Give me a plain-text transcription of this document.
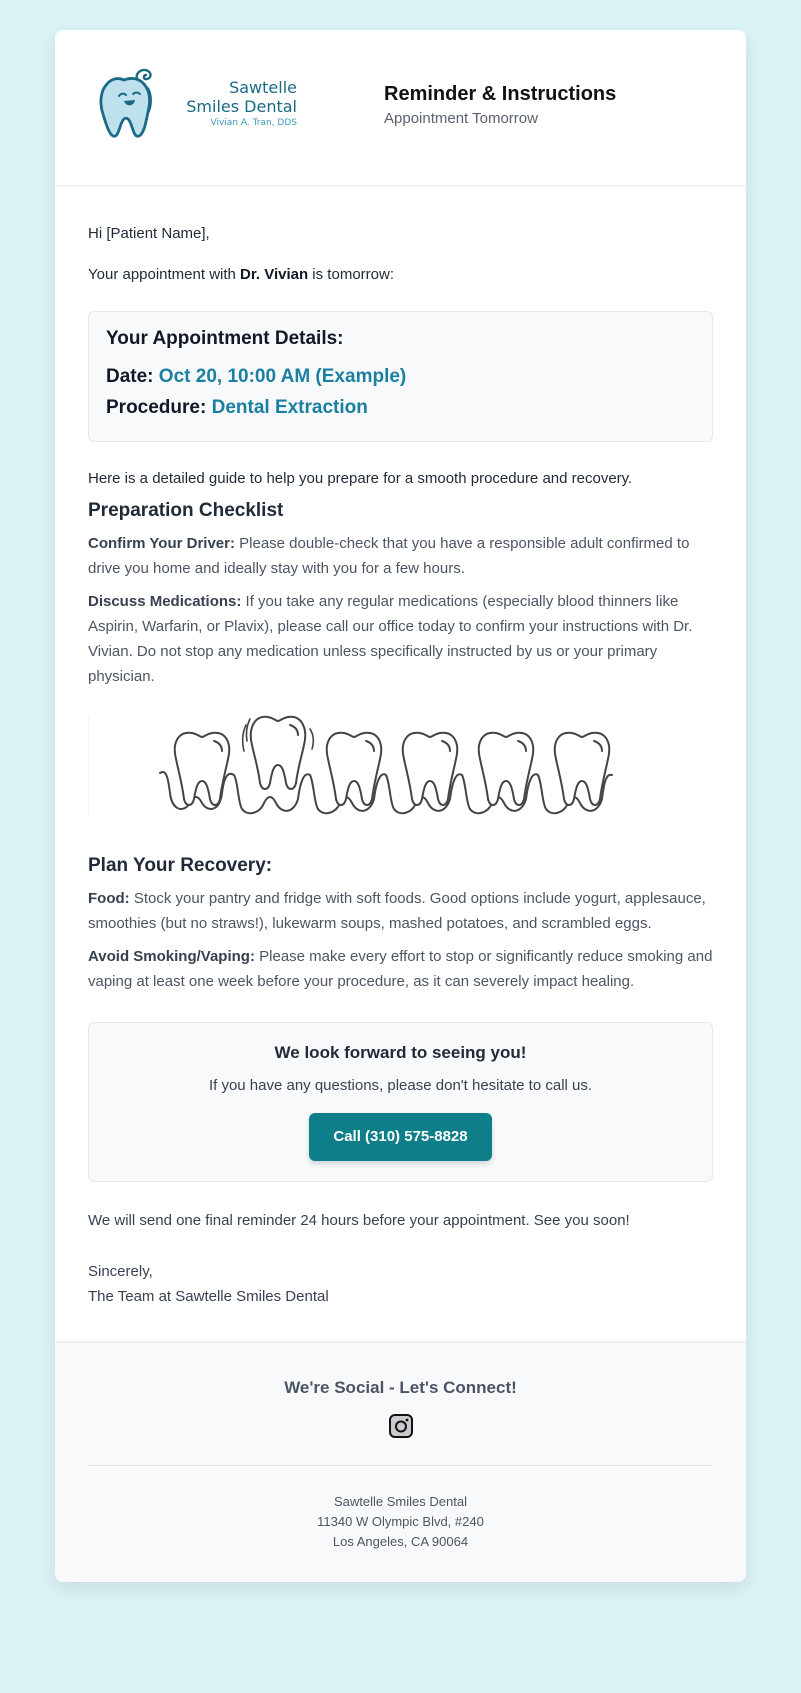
Sawtelle
Smiles Dental
Vivian A. Tran, DDS
Reminder & Instructions
Appointment Tomorrow

Hi [Patient Name],

Your appointment with Dr. Vivian is tomorrow:

Your Appointment Details:
Date: Oct 20, 10:00 AM (Example)
Procedure: Dental Extraction

Here is a detailed guide to help you prepare for a smooth procedure and recovery.

Preparation Checklist

Confirm Your Driver: Please double-check that you have a responsible adult confirmed to drive you home and ideally stay with you for a few hours.

Discuss Medications: If you take any regular medications (especially blood thinners like Aspirin, Warfarin, or Plavix), please call our office today to confirm your instructions with Dr. Vivian. Do not stop any medication unless specifically instructed by us or your primary physician.

Plan Your Recovery:

Food: Stock your pantry and fridge with soft foods. Good options include yogurt, applesauce, smoothies (but no straws!), lukewarm soups, mashed potatoes, and scrambled eggs.

Avoid Smoking/Vaping: Please make every effort to stop or significantly reduce smoking and vaping at least one week before your procedure, as it can severely impact healing.

We look forward to seeing you!
If you have any questions, please don't hesitate to call us.
Call (310) 575-8828

We will send one final reminder 24 hours before your appointment. See you soon!

Sincerely,
The Team at Sawtelle Smiles Dental

We're Social - Let's Connect!
Sawtelle Smiles Dental
11340 W Olympic Blvd, #240
Los Angeles, CA 90064
